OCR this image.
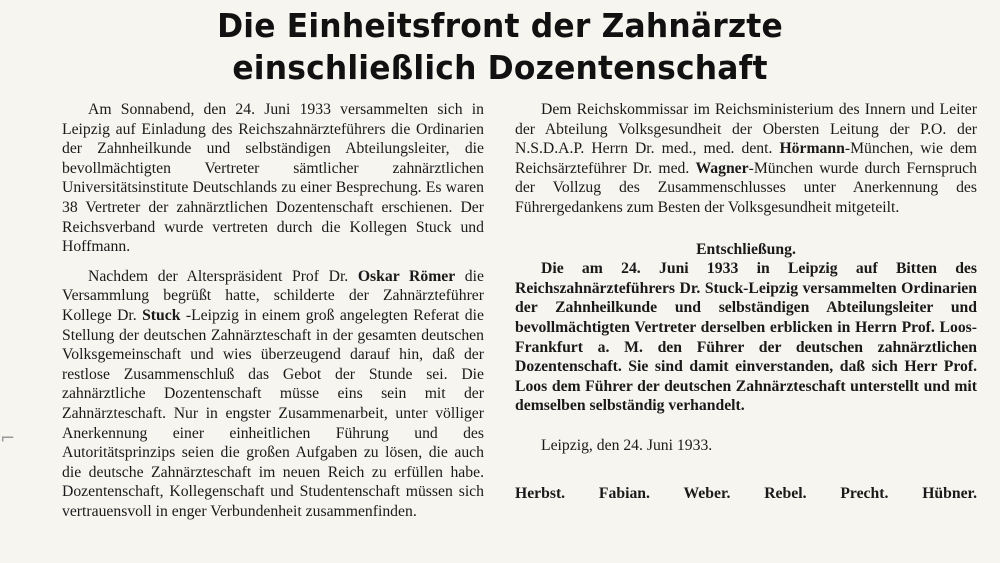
Die Einheitsfront der Zahnärzte
einschließlich Dozentenschaft
⌐

Am Sonnabend, den 24. Juni 1933 versammelten sich in Leipzig auf Einladung des Reichszahnärzteführers die Ordinarien der Zahnheilkunde und selbständigen Abteilungsleiter, die bevollmächtigten Vertreter sämtlicher zahnärztlichen Universitätsinstitute Deutschlands zu einer Besprechung. Es waren 38 Vertreter der zahnärztlichen Dozentenschaft erschienen. Der Reichsverband wurde vertreten durch die Kollegen Stuck und Hoffmann.

Nachdem der Alterspräsident Prof Dr. Oskar Römer die Versammlung begrüßt hatte, schilderte der Zahnärzteführer Kollege Dr. Stuck -Leipzig in einem groß angelegten Referat die Stellung der deutschen Zahnärzteschaft in der gesamten deutschen Volksgemeinschaft und wies überzeugend darauf hin, daß der restlose Zusammenschluß das Gebot der Stunde sei. Die zahnärztliche Dozentenschaft müsse eins sein mit der Zahnärzteschaft. Nur in engster Zusammenarbeit, unter völliger Anerkennung einer einheitlichen Führung und des Autoritätsprinzips seien die großen Aufgaben zu lösen, die auch die deutsche Zahnärzteschaft im neuen Reich zu erfüllen habe. Dozentenschaft, Kollegenschaft und Studentenschaft müssen sich vertrauensvoll in enger Verbundenheit zusammenfinden.

Dem Reichskommissar im Reichsministerium des Innern und Leiter der Abteilung Volksgesundheit der Obersten Leitung der P.O. der N.S.D.A.P. Herrn Dr. med., med. dent. Hörmann-München, wie dem Reichsärzteführer Dr. med. Wagner-München wurde durch Fernspruch der Vollzug des Zusammenschlusses unter Anerkennung des Führergedankens zum Besten der Volksgesundheit mitgeteilt.

Entschließung.

Die am 24. Juni 1933 in Leipzig auf Bitten des Reichszahnärzteführers Dr. Stuck-Leipzig versammelten Ordinarien der Zahnheilkunde und selbständigen Abteilungsleiter und bevollmächtigten Vertreter derselben erblicken in Herrn Prof. Loos-Frankfurt a. M. den Führer der deutschen zahnärztlichen Dozentenschaft. Sie sind damit einverstanden, daß sich Herr Prof. Loos dem Führer der deutschen Zahnärzteschaft unterstellt und mit demselben selbständig verhandelt.

Leipzig, den 24. Juni 1933.

Herbst. Fabian. Weber. Rebel. Precht. Hübner.
